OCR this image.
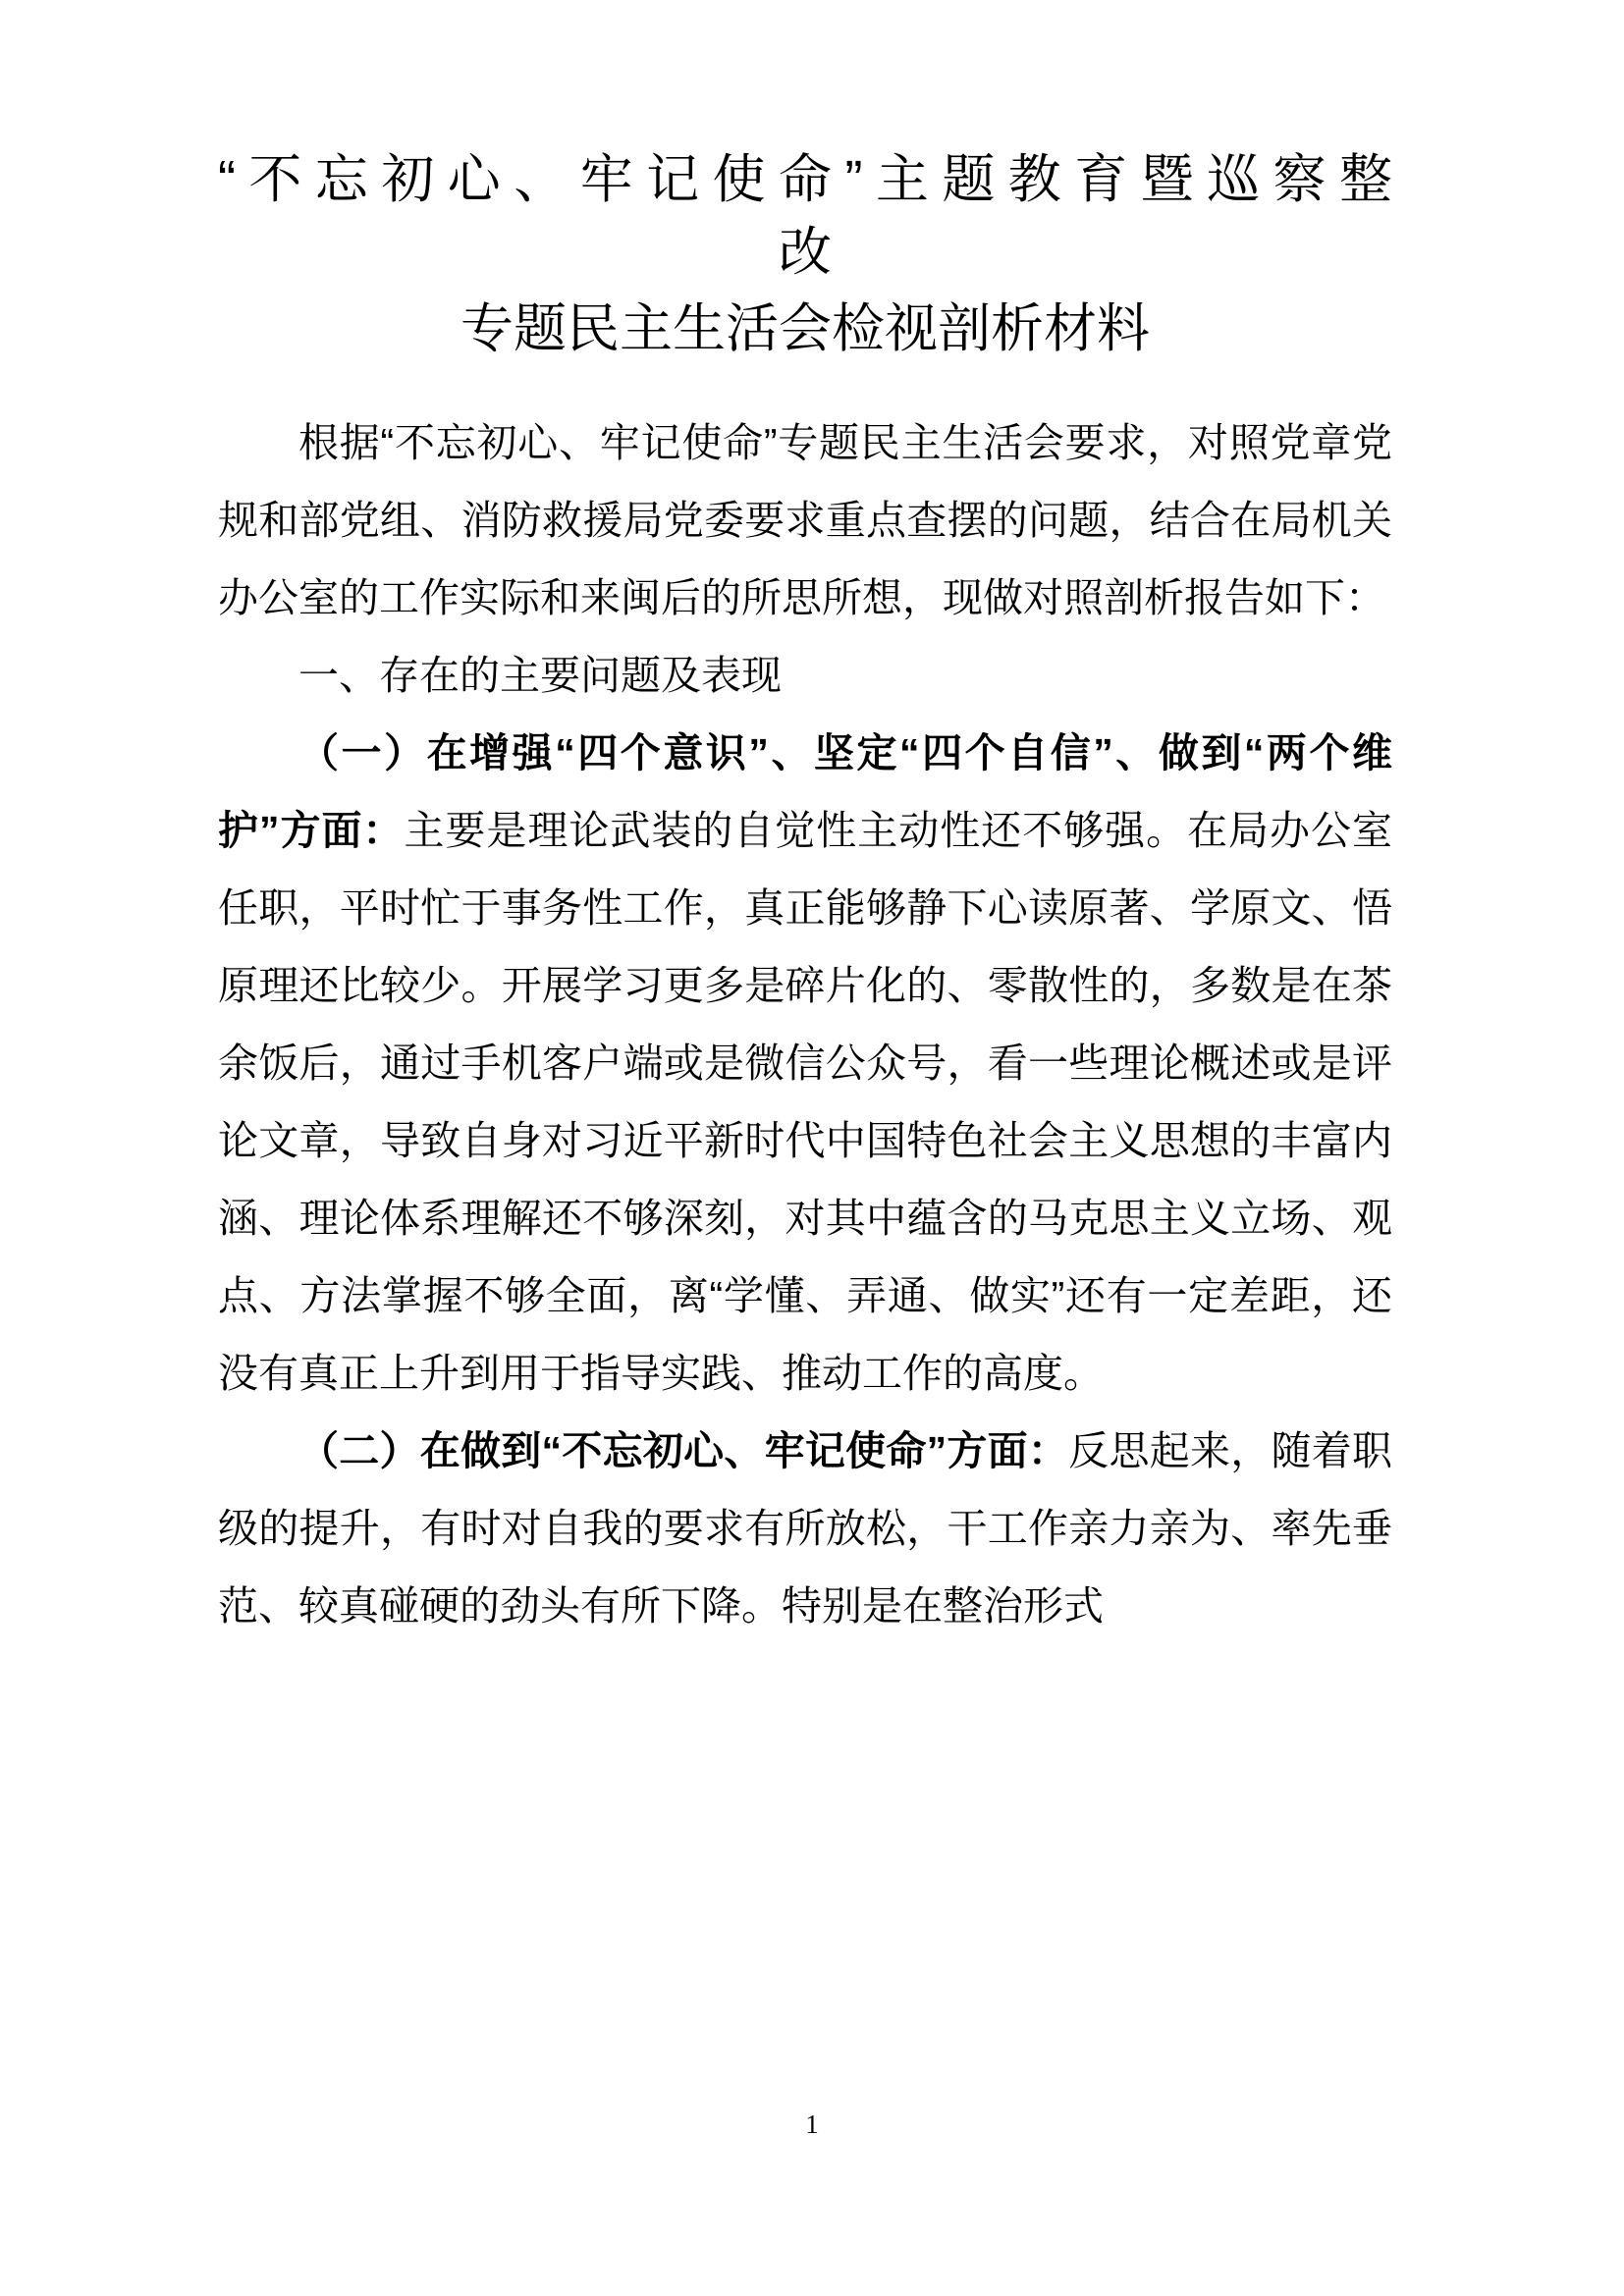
“不忘初心、牢记使命”主题教育暨巡察整
改
专题民主生活会检视剖析材料

根据“不忘初心、牢记使命”专题民主生活会要求，对照党章党规和部党组、消防救援局党委要求重点查摆的问题，结合在局机关办公室的工作实际和来闽后的所思所想，现做对照剖析报告如下：

一、存在的主要问题及表现

（一）在增强“四个意识”、坚定“四个自信”、做到“两个维护”方面：主要是理论武装的自觉性主动性还不够强。在局办公室任职，平时忙于事务性工作，真正能够静下心读原著、学原文、悟原理还比较少。开展学习更多是碎片化的、零散性的，多数是在茶余饭后，通过手机客户端或是微信公众号，看一些理论概述或是评论文章，导致自身对习近平新时代中国特色社会主义思想的丰富内涵、理论体系理解还不够深刻，对其中蕴含的马克思主义立场、观点、方法掌握不够全面，离“学懂、弄通、做实”还有一定差距，还没有真正上升到用于指导实践、推动工作的高度。

（二）在做到“不忘初心、牢记使命”方面：反思起来，随着职级的提升，有时对自我的要求有所放松，干工作亲力亲为、率先垂范、较真碰硬的劲头有所下降。特别是在整治形式

1
